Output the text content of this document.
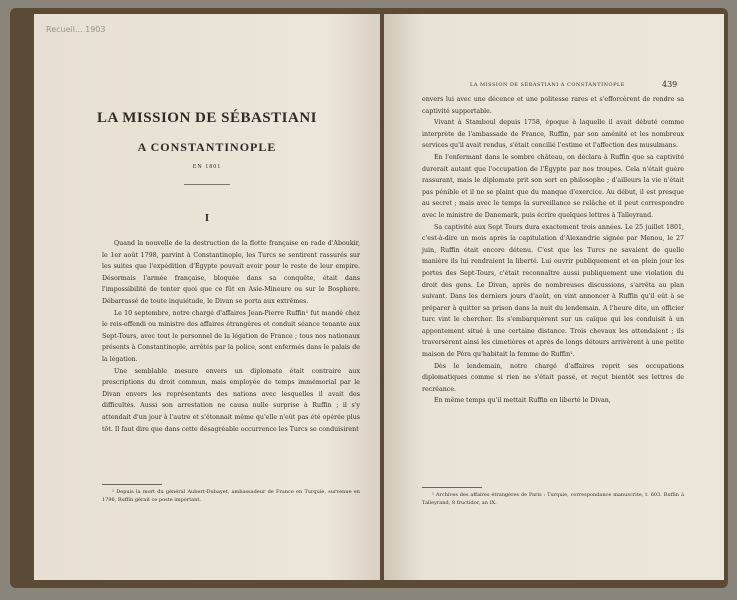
Recueil... 1903
LA MISSION DE SÉBASTIANI
A CONSTANTINOPLE
EN 1801
I

Quand la nouvelle de la destruction de la flotte française en rade d'Aboukir, le 1er août 1798, parvint à Constantinople, les Turcs se sentirent rassurés sur les suites que l'expédition d'Égypte pouvait avoir pour le reste de leur empire. Désormais l'armée française, bloquée dans sa conquête, était dans l'impossibilité de tenter quoi que ce fût en Asie-Mineure ou sur le Bosphore. Débarrassé de toute inquiétude, le Divan se porta aux extrêmes.

Le 10 septembre, notre chargé d'affaires Jean-Pierre Ruffin¹ fut mandé chez le reis-effendi ou ministre des affaires étrangères et conduit séance tenante aux Sept-Tours, avec tout le personnel de la légation de France ; tous nos nationaux présents à Constantinople, arrêtés par la police, sont enfermés dans le palais de la légation.

Une semblable mesure envers un diplomate était contraire aux prescriptions du droit commun, mais employée de temps immémorial par le Divan envers les représentants des nations avec lesquelles il avait des difficultés. Aussi son arrestation ne causa nulle surprise à Ruffin ; il s'y attendait d'un jour à l'autre et s'étonnait même qu'elle n'eût pas été opérée plus tôt. Il faut dire que dans cette désagréable occurrence les Turcs se conduisirent

¹ Depuis la mort du général Aubert-Dubayet, ambassadeur de France en Turquie, survenue en 1796, Ruffin gérait ce poste important.
LA MISSION DE SÉBASTIANI A CONSTANTINOPLE	439

envers lui avec une décence et une politesse rares et s'efforcèrent de rendre sa captivité supportable.

Vivant à Stamboul depuis 1758, époque à laquelle il avait débuté comme interprète de l'ambassade de France, Ruffin, par son aménité et les nombreux services qu'il avait rendus, s'était concilié l'estime et l'affection des musulmans.

En l'enfermant dans le sombre château, on déclara à Ruffin que sa captivité durerait autant que l'occupation de l'Égypte par nos troupes. Cela n'était guère rassurant, mais le diplomate prit son sort en philosophe ; d'ailleurs la vie n'était pas pénible et il ne se plaint que du manque d'exercice. Au début, il est presque au secret ; mais avec le temps la surveillance se relâche et il peut correspondre avec le ministre de Danemark, puis écrire quelques lettres à Talleyrand.

Sa captivité aux Sept Tours dura exactement trois années. Le 25 juillet 1801, c'est-à-dire un mois après la capitulation d'Alexandrie signée par Menou, le 27 juin, Ruffin était encore détenu. C'est que les Turcs ne savaient de quelle manière ils lui rendraient la liberté. Lui ouvrir publiquement et en plein jour les portes des Sept-Tours, c'était reconnaître aussi publiquement une violation du droit des gens. Le Divan, après de nombreuses discussions, s'arrêta au plan suivant. Dans les derniers jours d'août, on vint annoncer à Ruffin qu'il eût à se préparer à quitter sa prison dans la nuit du lendemain. A l'heure dite, un officier turc vint le chercher. Ils s'embarquèrent sur un caïque qui les conduisit à un appontement situé à une certaine distance. Trois chevaux les attendaient ; ils traversèrent ainsi les cimetières et après de longs détours arrivèrent à une petite maison de Péra qu'habitait la femme de Ruffin¹.

Dès le lendemain, notre chargé d'affaires reprit ses occupations diplomatiques comme si rien ne s'était passé, et reçut bientôt ses lettres de recréance.

En même temps qu'il mettait Ruffin en liberté le Divan,

¹ Archives des affaires étrangères de Paris : Turquie, correspondance manuscrite, t. 603. Ruffin à Talleyrand, 8 fructidor, an IX.
